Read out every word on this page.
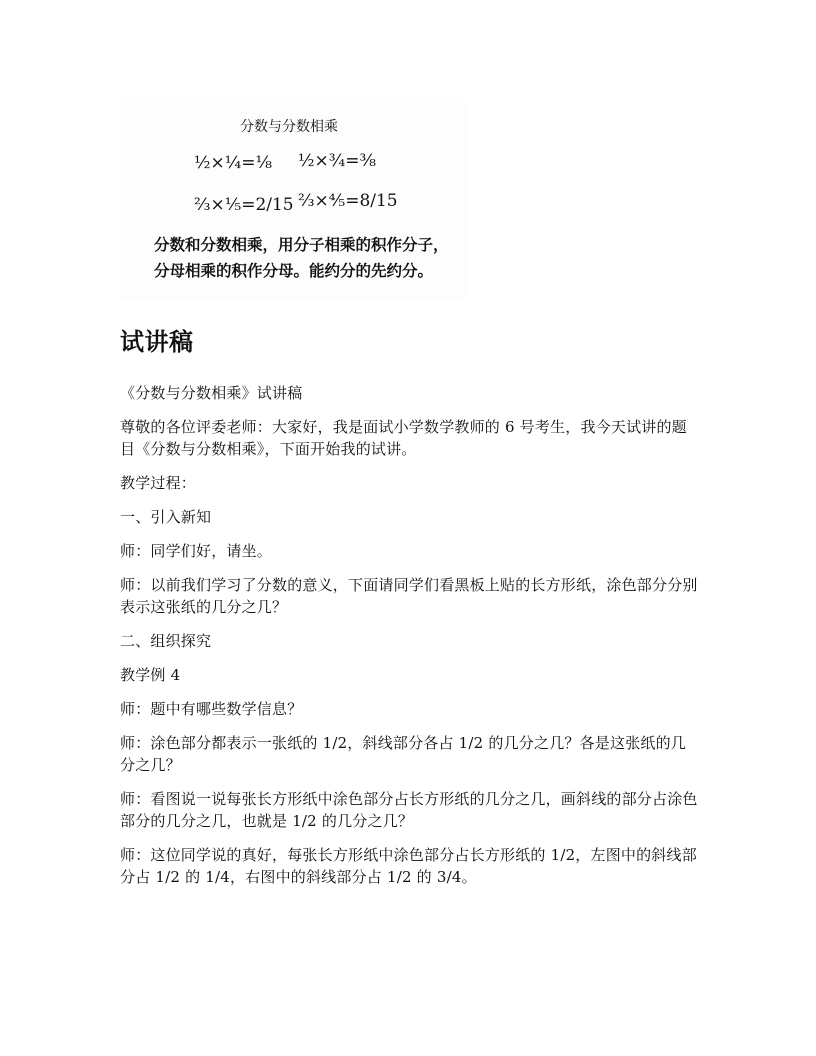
分数与分数相乘
½×¼=⅛ ½×¾=⅜
⅔×⅕=2/15 ⅔×⅘=8/15
分数和分数相乘，用分子相乘的积作分子，
分母相乘的积作分母。能约分的先约分。
试讲稿

《分数与分数相乘》试讲稿

尊敬的各位评委老师：大家好，我是面试小学数学教师的 6 号考生，我今天试讲的题目《分数与分数相乘》，下面开始我的试讲。

教学过程：

一、引入新知

师：同学们好，请坐。

师：以前我们学习了分数的意义，下面请同学们看黑板上贴的长方形纸，涂色部分分别表示这张纸的几分之几？

二、组织探究

教学例 4

师：题中有哪些数学信息？

师：涂色部分都表示一张纸的 1/2，斜线部分各占 1/2 的几分之几？各是这张纸的几分之几？

师：看图说一说每张长方形纸中涂色部分占长方形纸的几分之几，画斜线的部分占涂色部分的几分之几，也就是 1/2 的几分之几？

师：这位同学说的真好，每张长方形纸中涂色部分占长方形纸的 1/2，左图中的斜线部分占 1/2 的 1/4，右图中的斜线部分占 1/2 的 3/4。
